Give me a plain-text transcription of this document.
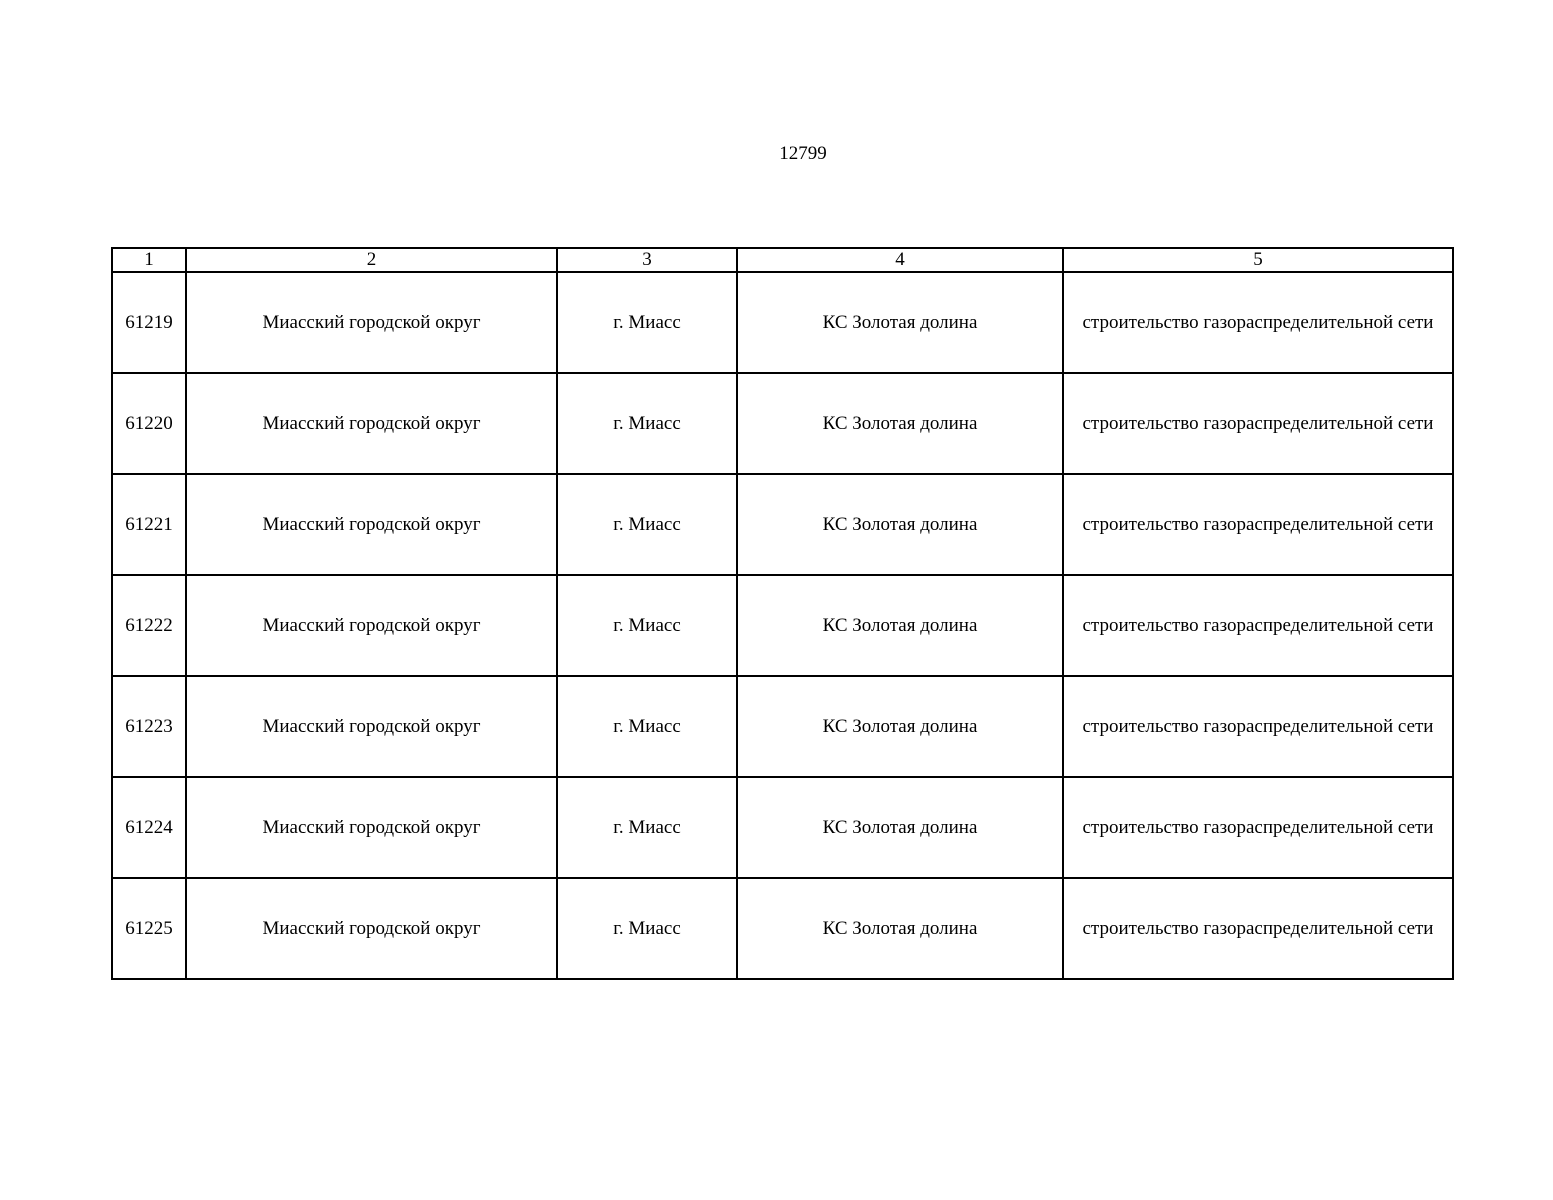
12799
1	2	3	4	5
61219	Миасский городской округ	г. Миасс	КС Золотая долина	строительство газораспределительной сети
61220	Миасский городской округ	г. Миасс	КС Золотая долина	строительство газораспределительной сети
61221	Миасский городской округ	г. Миасс	КС Золотая долина	строительство газораспределительной сети
61222	Миасский городской округ	г. Миасс	КС Золотая долина	строительство газораспределительной сети
61223	Миасский городской округ	г. Миасс	КС Золотая долина	строительство газораспределительной сети
61224	Миасский городской округ	г. Миасс	КС Золотая долина	строительство газораспределительной сети
61225	Миасский городской округ	г. Миасс	КС Золотая долина	строительство газораспределительной сети
